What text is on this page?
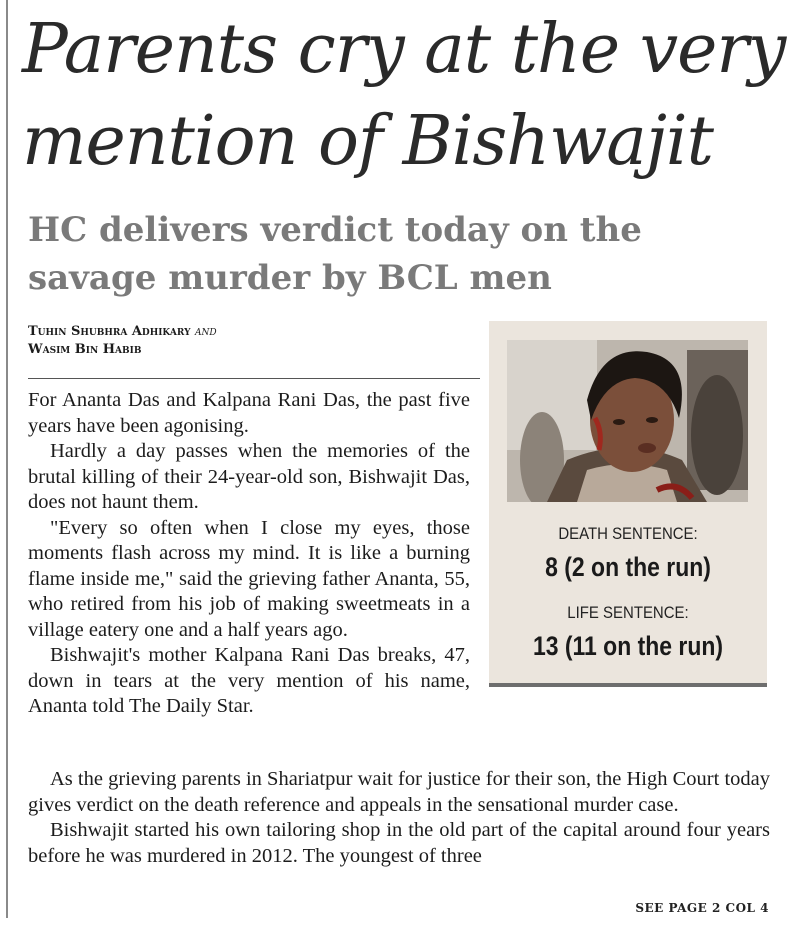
Parents cry at the very
mention of Bishwajit
HC delivers verdict today on the
savage murder by BCL men
Tuhin Shubhra Adhikary and
Wasim Bin Habib

For Ananta Das and Kalpana Rani Das, the past five years have been agonising.

Hardly a day passes when the memories of the brutal killing of their 24-year-old son, Bishwajit Das, does not haunt them.

"Every so often when I close my eyes, those moments flash across my mind. It is like a burning flame inside me," said the grieving father Ananta, 55, who retired from his job of making sweetmeats in a village eatery one and a half years ago.

Bishwajit's mother Kalpana Rani Das breaks, 47, down in tears at the very mention of his name, Ananta told The Daily Star.

As the grieving parents in Shariatpur wait for justice for their son, the High Court today gives verdict on the death reference and appeals in the sensational murder case.

Bishwajit started his own tailoring shop in the old part of the capital around four years before he was murdered in 2012. The youngest of three

DEATH SENTENCE:
8 (2 on the run)
LIFE SENTENCE:
13 (11 on the run)
SEE PAGE 2 COL 4
